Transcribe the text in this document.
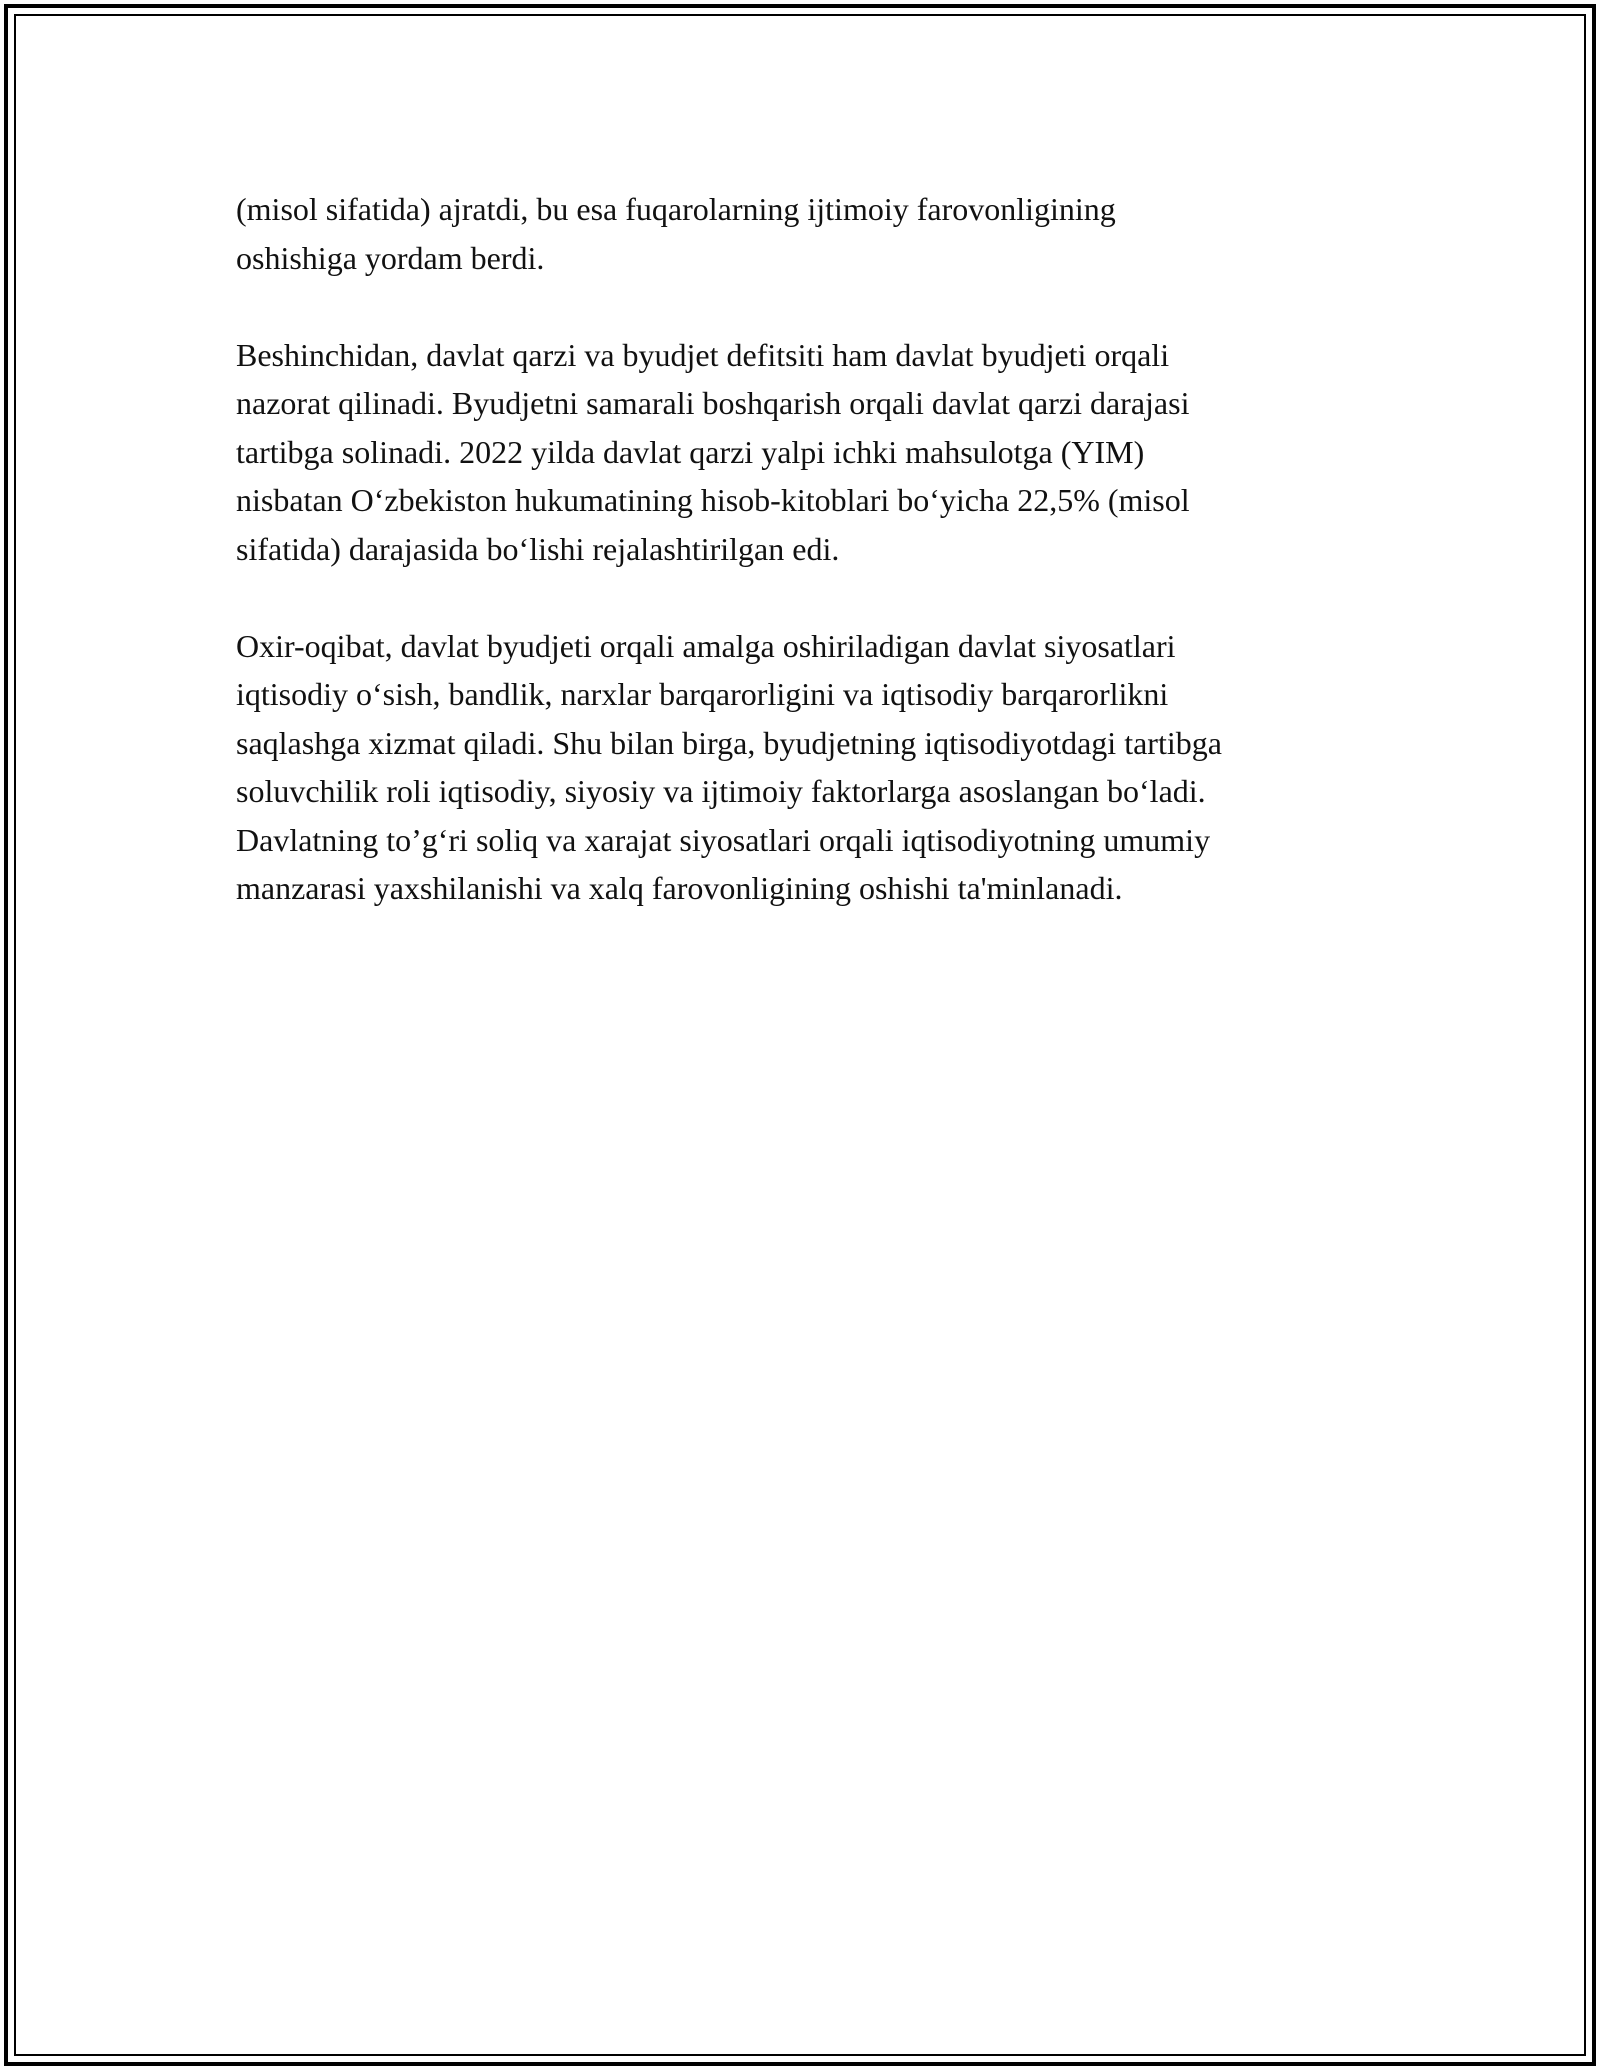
(misol sifatida) ajratdi, bu esa fuqarolarning ijtimoiy farovonligining
oshishiga yordam berdi.

Beshinchidan, davlat qarzi va byudjet defitsiti ham davlat byudjeti orqali
nazorat qilinadi. Byudjetni samarali boshqarish orqali davlat qarzi darajasi
tartibga solinadi. 2022 yilda davlat qarzi yalpi ichki mahsulotga (YIM)
nisbatan O‘zbekiston hukumatining hisob-kitoblari bo‘yicha 22,5% (misol
sifatida) darajasida bo‘lishi rejalashtirilgan edi.

Oxir-oqibat, davlat byudjeti orqali amalga oshiriladigan davlat siyosatlari
iqtisodiy o‘sish, bandlik, narxlar barqarorligini va iqtisodiy barqarorlikni
saqlashga xizmat qiladi. Shu bilan birga, byudjetning iqtisodiyotdagi tartibga
soluvchilik roli iqtisodiy, siyosiy va ijtimoiy faktorlarga asoslangan bo‘ladi.
Davlatning to’g‘ri soliq va xarajat siyosatlari orqali iqtisodiyotning umumiy
manzarasi yaxshilanishi va xalq farovonligining oshishi ta'minlanadi.
